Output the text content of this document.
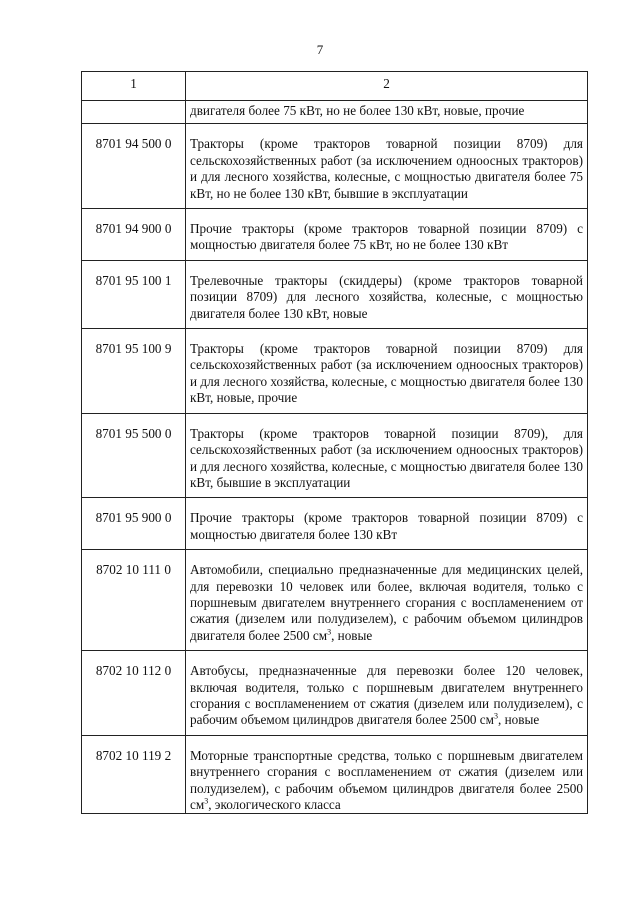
7
1	2
	двигателя более 75 кВт, но не более 130 кВт, новые, прочие
8701 94 500 0	Тракторы (кроме тракторов товарной позиции 8709) для сельскохозяйственных работ (за исключением одноосных тракторов) и для лесного хозяйства, колесные, с мощностью двигателя более 75 кВт, но не более 130 кВт, бывшие в эксплуатации
8701 94 900 0	Прочие тракторы (кроме тракторов товарной позиции 8709) с мощностью двигателя более 75 кВт, но не более 130 кВт
8701 95 100 1	Трелевочные тракторы (скиддеры) (кроме тракторов товарной позиции 8709) для лесного хозяйства, колесные, с мощностью двигателя более 130 кВт, новые
8701 95 100 9	Тракторы (кроме тракторов товарной позиции 8709) для сельскохозяйственных работ (за исключением одноосных тракторов) и для лесного хозяйства, колесные, с мощностью двигателя более 130 кВт, новые, прочие
8701 95 500 0	Тракторы (кроме тракторов товарной позиции 8709), для сельскохозяйственных работ (за исключением одноосных тракторов) и для лесного хозяйства, колесные, с мощностью двигателя более 130 кВт, бывшие в эксплуатации
8701 95 900 0	Прочие тракторы (кроме тракторов товарной позиции 8709) с мощностью двигателя более 130 кВт
8702 10 111 0	Автомобили, специально предназначенные для медицинских целей, для перевозки 10 человек или более, включая водителя, только с поршневым двигателем внутреннего сгорания с воспламенением от сжатия (дизелем или полудизелем), с рабочим объемом цилиндров двигателя более 2500 $см^3$, новые
8702 10 112 0	Автобусы, предназначенные для перевозки более 120 человек, включая водителя, только с поршневым двигателем внутреннего сгорания с воспламенением от сжатия (дизелем или полудизелем), с рабочим объемом цилиндров двигателя более 2500 $см^3$, новые
8702 10 119 2	Моторные транспортные средства, только с поршневым двигателем внутреннего сгорания с воспламенением от сжатия (дизелем или полудизелем), с рабочим объемом цилиндров двигателя более 2500 $см^3$, экологического класса
